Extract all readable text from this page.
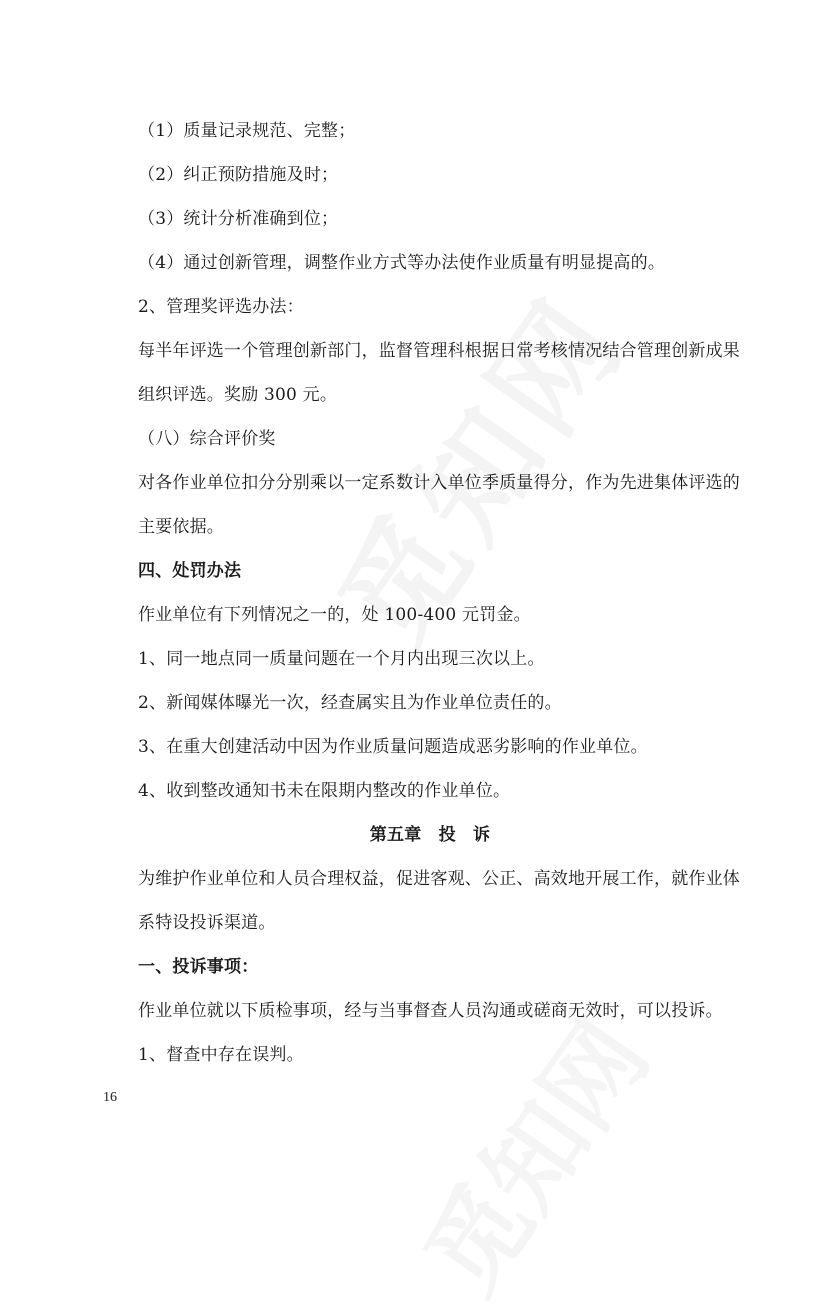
（1）质量记录规范、完整；
（2）纠正预防措施及时；
（3）统计分析准确到位；
（4）通过创新管理，调整作业方式等办法使作业质量有明显提高的。
2、管理奖评选办法：
每半年评选一个管理创新部门，监督管理科根据日常考核情况结合管理创新成果
组织评选。奖励 300 元。
（八）综合评价奖
对各作业单位扣分分别乘以一定系数计入单位季质量得分，作为先进集体评选的
主要依据。
四、处罚办法
作业单位有下列情况之一的，处 100-400 元罚金。
1、同一地点同一质量问题在一个月内出现三次以上。
2、新闻媒体曝光一次，经查属实且为作业单位责任的。
3、在重大创建活动中因为作业质量问题造成恶劣影响的作业单位。
4、收到整改通知书未在限期内整改的作业单位。
第五章　投　诉
为维护作业单位和人员合理权益，促进客观、公正、高效地开展工作，就作业体
系特设投诉渠道。
一、投诉事项：
作业单位就以下质检事项，经与当事督查人员沟通或磋商无效时，可以投诉。
1、督查中存在误判。
16
